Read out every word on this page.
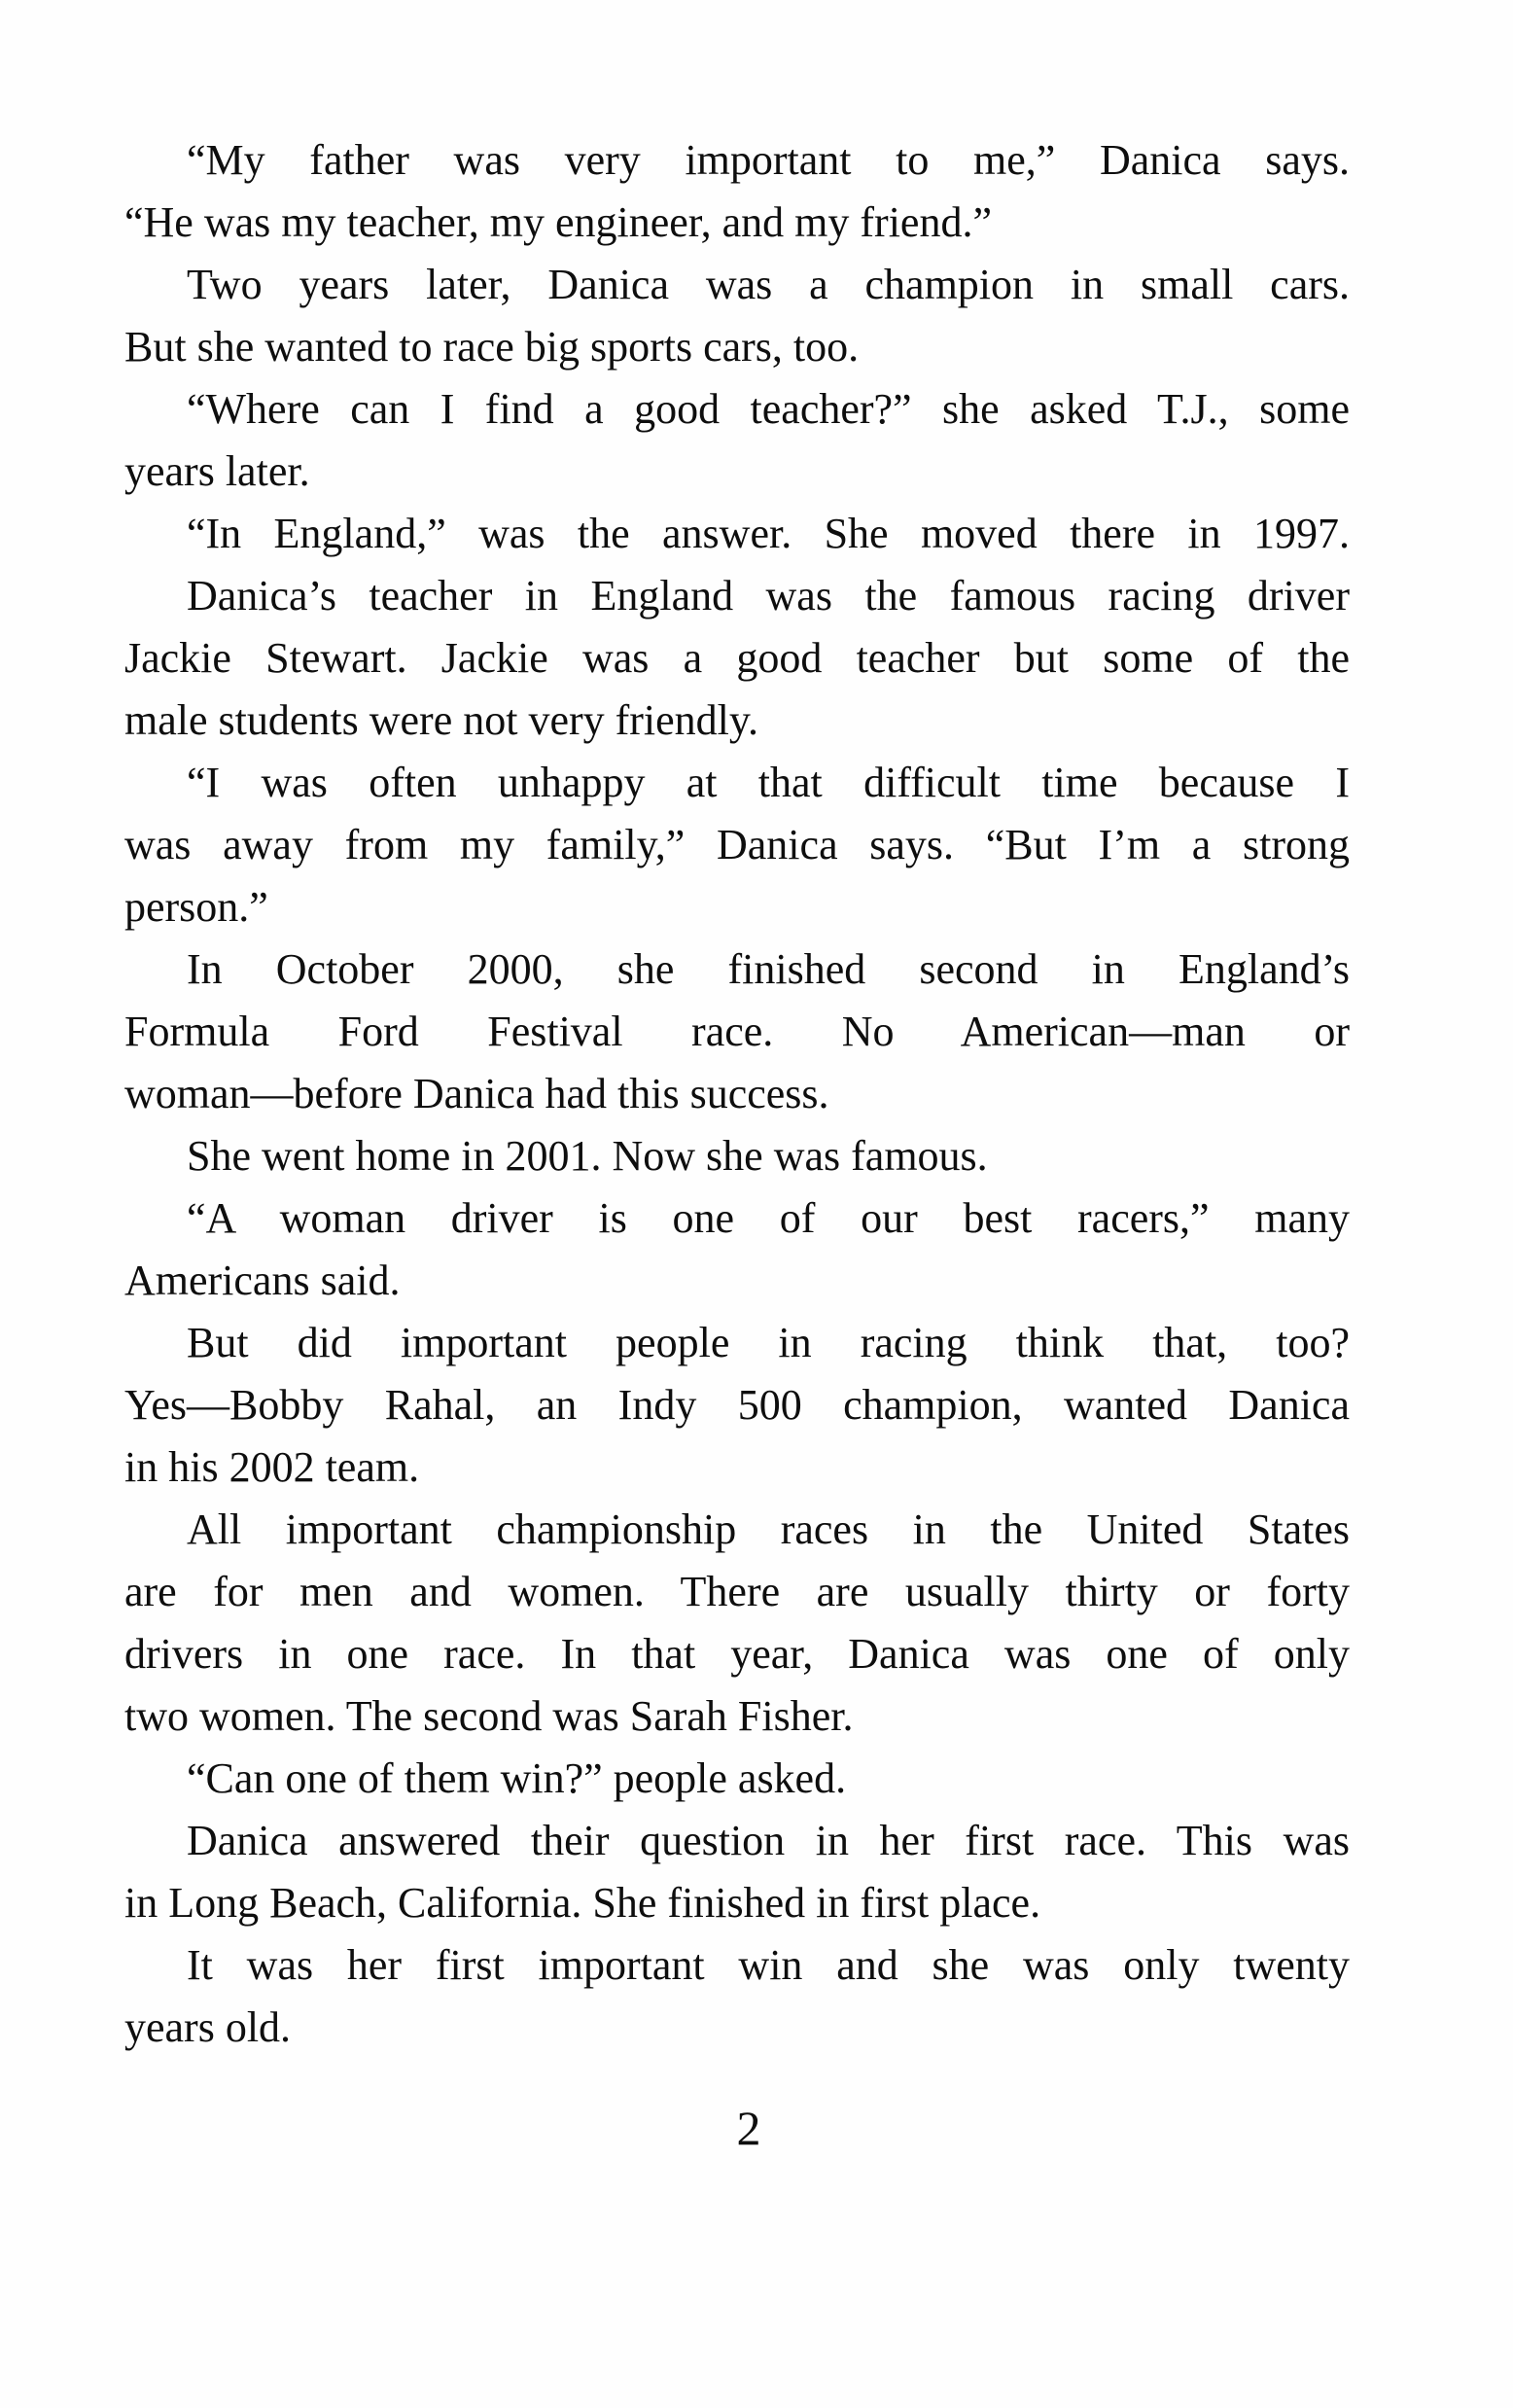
“My father was very important to me,” Danica says.

“He was my teacher, my engineer, and my friend.”

Two years later, Danica was a champion in small cars.

But she wanted to race big sports cars, too.

“Where can I find a good teacher?” she asked T.J., some

years later.

“In England,” was the answer. She moved there in 1997.

Danica’s teacher in England was the famous racing driver

Jackie Stewart. Jackie was a good teacher but some of the

male students were not very friendly.

“I was often unhappy at that difficult time because I

was away from my family,” Danica says. “But I’m a strong

person.”

In October 2000, she finished second in England’s

Formula Ford Festival race. No American—man or

woman—before Danica had this success.

She went home in 2001. Now she was famous.

“A woman driver is one of our best racers,” many

Americans said.

But did important people in racing think that, too?

Yes—Bobby Rahal, an Indy 500 champion, wanted Danica

in his 2002 team.

All important championship races in the United States

are for men and women. There are usually thirty or forty

drivers in one race. In that year, Danica was one of only

two women. The second was Sarah Fisher.

“Can one of them win?” people asked.

Danica answered their question in her first race. This was

in Long Beach, California. She finished in first place.

It was her first important win and she was only twenty

years old.

2
